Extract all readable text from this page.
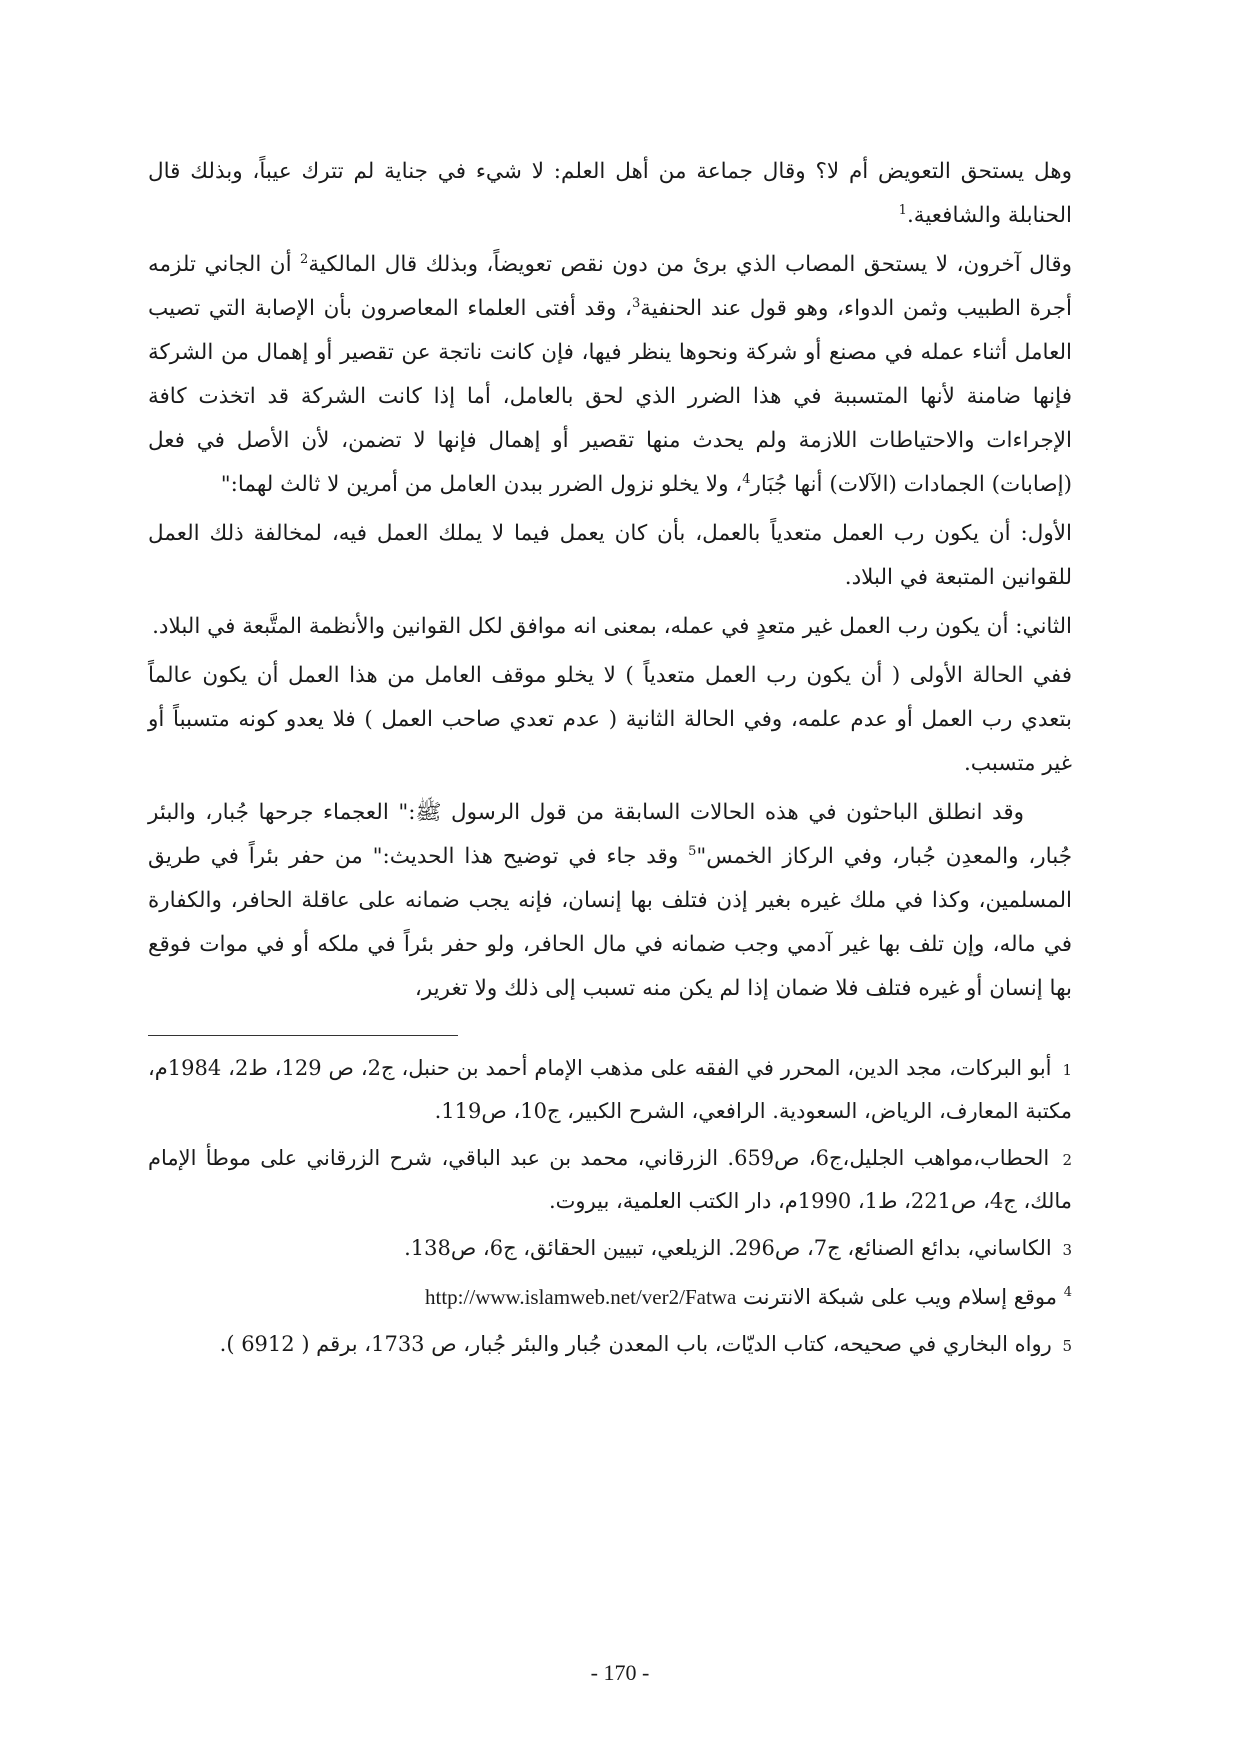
وهل يستحق التعويض أم لا؟ وقال جماعة من أهل العلم: لا شيء في جناية لم تترك عيباً، وبذلك قال الحنابلة والشافعية.$^1$

وقال آخرون، لا يستحق المصاب الذي برئ من دون نقص تعويضاً، وبذلك قال المالكية$^2$ أن الجاني تلزمه أجرة الطبيب وثمن الدواء، وهو قول عند الحنفية$^3$، وقد أفتى العلماء المعاصرون بأن الإصابة التي تصيب العامل أثناء عمله في مصنع أو شركة ونحوها ينظر فيها، فإن كانت ناتجة عن تقصير أو إهمال من الشركة فإنها ضامنة لأنها المتسببة في هذا الضرر الذي لحق بالعامل، أما إذا كانت الشركة قد اتخذت كافة الإجراءات والاحتياطات اللازمة ولم يحدث منها تقصير أو إهمال فإنها لا تضمن، لأن الأصل في فعل (إصابات) الجمادات (الآلات) أنها جُبَار$^4$، ولا يخلو نزول الضرر ببدن العامل من أمرين لا ثالث لهما:"

الأول: أن يكون رب العمل متعدياً بالعمل، بأن كان يعمل فيما لا يملك العمل فيه، لمخالفة ذلك العمل للقوانين المتبعة في البلاد.

الثاني: أن يكون رب العمل غير متعدٍ في عمله، بمعنى انه موافق لكل القوانين والأنظمة المتَّبعة في البلاد.

ففي الحالة الأولى ( أن يكون رب العمل متعدياً ) لا يخلو موقف العامل من هذا العمل أن يكون عالماً بتعدي رب العمل أو عدم علمه، وفي الحالة الثانية ( عدم تعدي صاحب العمل ) فلا يعدو كونه متسبباً أو غير متسبب.

وقد انطلق الباحثون في هذه الحالات السابقة من قول الرسول ﷺ:" العجماء جرحها جُبار، والبئر جُبار، والمعدِن جُبار، وفي الركاز الخمس"$^5$ وقد جاء في توضيح هذا الحديث:" من حفر بئراً في طريق المسلمين، وكذا في ملك غيره بغير إذن فتلف بها إنسان، فإنه يجب ضمانه على عاقلة الحافر، والكفارة في ماله، وإن تلف بها غير آدمي وجب ضمانه في مال الحافر، ولو حفر بئراً في ملكه أو في موات فوقع بها إنسان أو غيره فتلف فلا ضمان إذا لم يكن منه تسبب إلى ذلك ولا تغرير،

1 أبو البركات، مجد الدين، المحرر في الفقه على مذهب الإمام أحمد بن حنبل، ج2، ص 129، ط2، 1984م، مكتبة المعارف، الرياض، السعودية. الرافعي، الشرح الكبير، ج10، ص119.
2 الحطاب،مواهب الجليل،ج6، ص659. الزرقاني، محمد بن عبد الباقي، شرح الزرقاني على موطأ الإمام مالك، ج4، ص221، ط1، 1990م، دار الكتب العلمية، بيروت.
3 الكاساني، بدائع الصنائع، ج7، ص296. الزيلعي، تبيين الحقائق، ج6، ص138.
$^4$ موقع إسلام ويب على شبكة الانترنت http://www.islamweb.net/ver2/Fatwa
5 رواه البخاري في صحيحه، كتاب الديّات، باب المعدن جُبار والبئر جُبار، ص 1733، برقم ( 6912 ).
- 170 -
